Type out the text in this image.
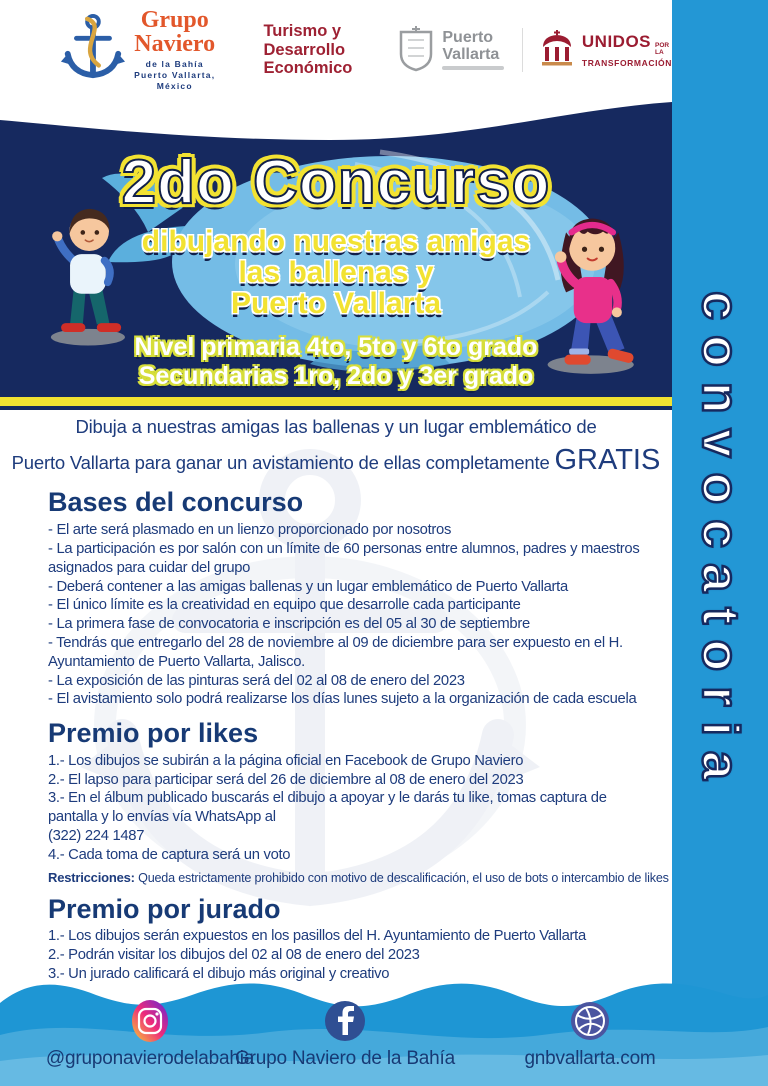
Grupo Naviero
de la Bahía
Puerto Vallarta, México
Turismo y
Desarrollo
Económico
Puerto
Vallarta
UNIDOS POR LA
TRANSFORMACIÓN
2do Concurso
dibujando nuestras amigas
las ballenas y
Puerto Vallarta
Nivel primaria 4to, 5to y 6to grado
Secundarias 1ro, 2do y 3er grado

Dibuja a nuestras amigas las ballenas y un lugar emblemático de
Puerto Vallarta para ganar un avistamiento de ellas completamente GRATIS

Bases del concurso
- El arte será plasmado en un lienzo proporcionado por nosotros
- La participación es por salón con un límite de 60 personas entre alumnos, padres y maestros asignados para cuidar del grupo
- Deberá contener a las amigas ballenas y un lugar emblemático de Puerto Vallarta
- El único límite es la creatividad en equipo que desarrolle cada participante
- La primera fase de convocatoria e inscripción es del 05 al 30 de septiembre
- Tendrás que entregarlo del 28 de noviembre al 09 de diciembre para ser expuesto en el H. Ayuntamiento de Puerto Vallarta, Jalisco.
- La exposición de las pinturas será del 02 al 08 de enero del 2023
- El avistamiento solo podrá realizarse los días lunes sujeto a la organización de cada escuela
Premio por likes
1.- Los dibujos se subirán a la página oficial en Facebook de Grupo Naviero
2.- El lapso para participar será del 26 de diciembre al 08 de enero del 2023
3.- En el álbum publicado buscarás el dibujo a apoyar y le darás tu like, tomas captura de pantalla y lo envías vía WhatsApp al
(322) 224 1487
4.- Cada toma de captura será un voto

Restricciones: Queda estrictamente prohibido con motivo de descalificación, el uso de bots o intercambio de likes

Premio por jurado
1.- Los dibujos serán expuestos en los pasillos del H. Ayuntamiento de Puerto Vallarta
2.- Podrán visitar los dibujos del 02 al 08 de enero del 2023
3.- Un jurado calificará el dibujo más original y creativo
convocatoria
@gruponavierodelabahia
Grupo Naviero de la Bahía	gnbvallarta.com
